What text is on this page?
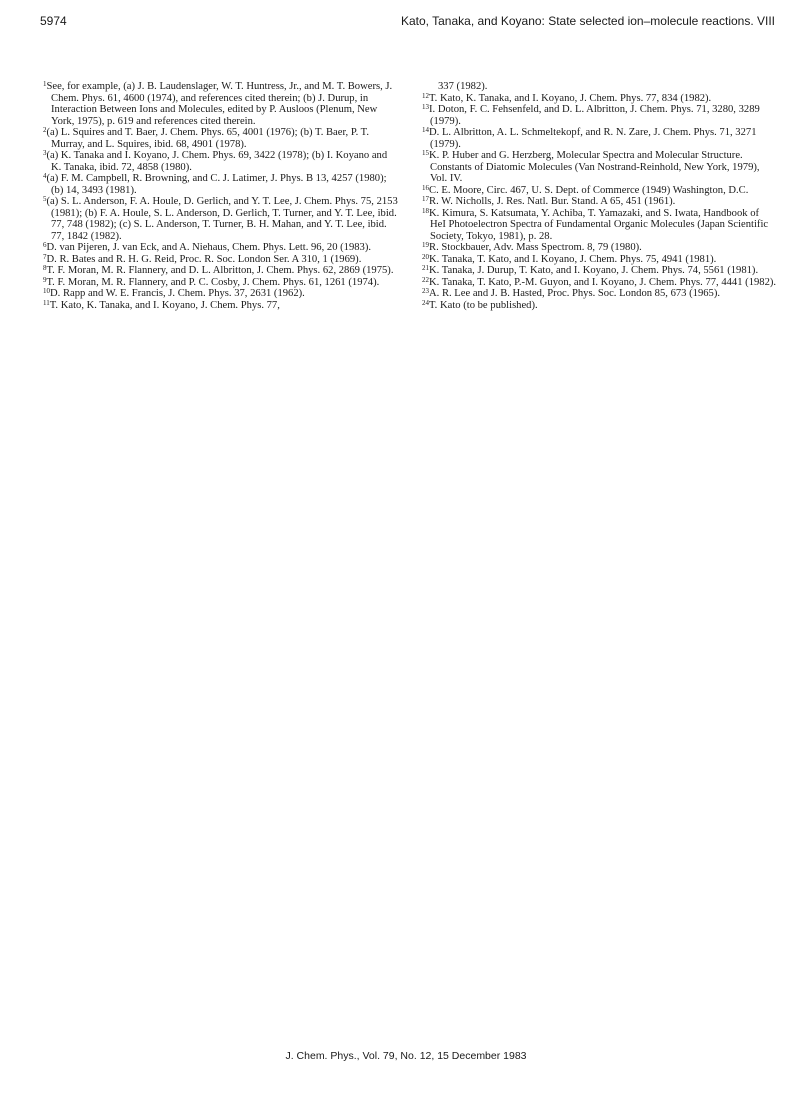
5974	Kato, Tanaka, and Koyano: State selected ion–molecule reactions. VIII

$^1$See, for example, (a) J. B. Laudenslager, W. T. Huntress, Jr., and M. T. Bowers, J. Chem. Phys. 61, 4600 (1974), and references cited therein; (b) J. Durup, in Interaction Between Ions and Molecules, edited by P. Ausloos (Plenum, New York, 1975), p. 619 and references cited therein.

$^2$(a) L. Squires and T. Baer, J. Chem. Phys. 65, 4001 (1976); (b) T. Baer, P. T. Murray, and L. Squires, ibid. 68, 4901 (1978).

$^3$(a) K. Tanaka and I. Koyano, J. Chem. Phys. 69, 3422 (1978); (b) I. Koyano and K. Tanaka, ibid. 72, 4858 (1980).

$^4$(a) F. M. Campbell, R. Browning, and C. J. Latimer, J. Phys. B 13, 4257 (1980); (b) 14, 3493 (1981).

$^5$(a) S. L. Anderson, F. A. Houle, D. Gerlich, and Y. T. Lee, J. Chem. Phys. 75, 2153 (1981); (b) F. A. Houle, S. L. Anderson, D. Gerlich, T. Turner, and Y. T. Lee, ibid. 77, 748 (1982); (c) S. L. Anderson, T. Turner, B. H. Mahan, and Y. T. Lee, ibid. 77, 1842 (1982).

$^6$D. van Pijeren, J. van Eck, and A. Niehaus, Chem. Phys. Lett. 96, 20 (1983).

$^7$D. R. Bates and R. H. G. Reid, Proc. R. Soc. London Ser. A 310, 1 (1969).

$^8$T. F. Moran, M. R. Flannery, and D. L. Albritton, J. Chem. Phys. 62, 2869 (1975).

$^9$T. F. Moran, M. R. Flannery, and P. C. Cosby, J. Chem. Phys. 61, 1261 (1974).

$^{10}$D. Rapp and W. E. Francis, J. Chem. Phys. 37, 2631 (1962).

$^{11}$T. Kato, K. Tanaka, and I. Koyano, J. Chem. Phys. 77,

337 (1982).

$^{12}$T. Kato, K. Tanaka, and I. Koyano, J. Chem. Phys. 77, 834 (1982).

$^{13}$I. Doton, F. C. Fehsenfeld, and D. L. Albritton, J. Chem. Phys. 71, 3280, 3289 (1979).

$^{14}$D. L. Albritton, A. L. Schmeltekopf, and R. N. Zare, J. Chem. Phys. 71, 3271 (1979).

$^{15}$K. P. Huber and G. Herzberg, Molecular Spectra and Molecular Structure. Constants of Diatomic Molecules (Van Nostrand-Reinhold, New York, 1979), Vol. IV.

$^{16}$C. E. Moore, Circ. 467, U. S. Dept. of Commerce (1949) Washington, D.C.

$^{17}$R. W. Nicholls, J. Res. Natl. Bur. Stand. A 65, 451 (1961).

$^{18}$K. Kimura, S. Katsumata, Y. Achiba, T. Yamazaki, and S. Iwata, Handbook of HeI Photoelectron Spectra of Fundamental Organic Molecules (Japan Scientific Society, Tokyo, 1981), p. 28.

$^{19}$R. Stockbauer, Adv. Mass Spectrom. 8, 79 (1980).

$^{20}$K. Tanaka, T. Kato, and I. Koyano, J. Chem. Phys. 75, 4941 (1981).

$^{21}$K. Tanaka, J. Durup, T. Kato, and I. Koyano, J. Chem. Phys. 74, 5561 (1981).

$^{22}$K. Tanaka, T. Kato, P.-M. Guyon, and I. Koyano, J. Chem. Phys. 77, 4441 (1982).

$^{23}$A. R. Lee and J. B. Hasted, Proc. Phys. Soc. London 85, 673 (1965).

$^{24}$T. Kato (to be published).

J. Chem. Phys., Vol. 79, No. 12, 15 December 1983
